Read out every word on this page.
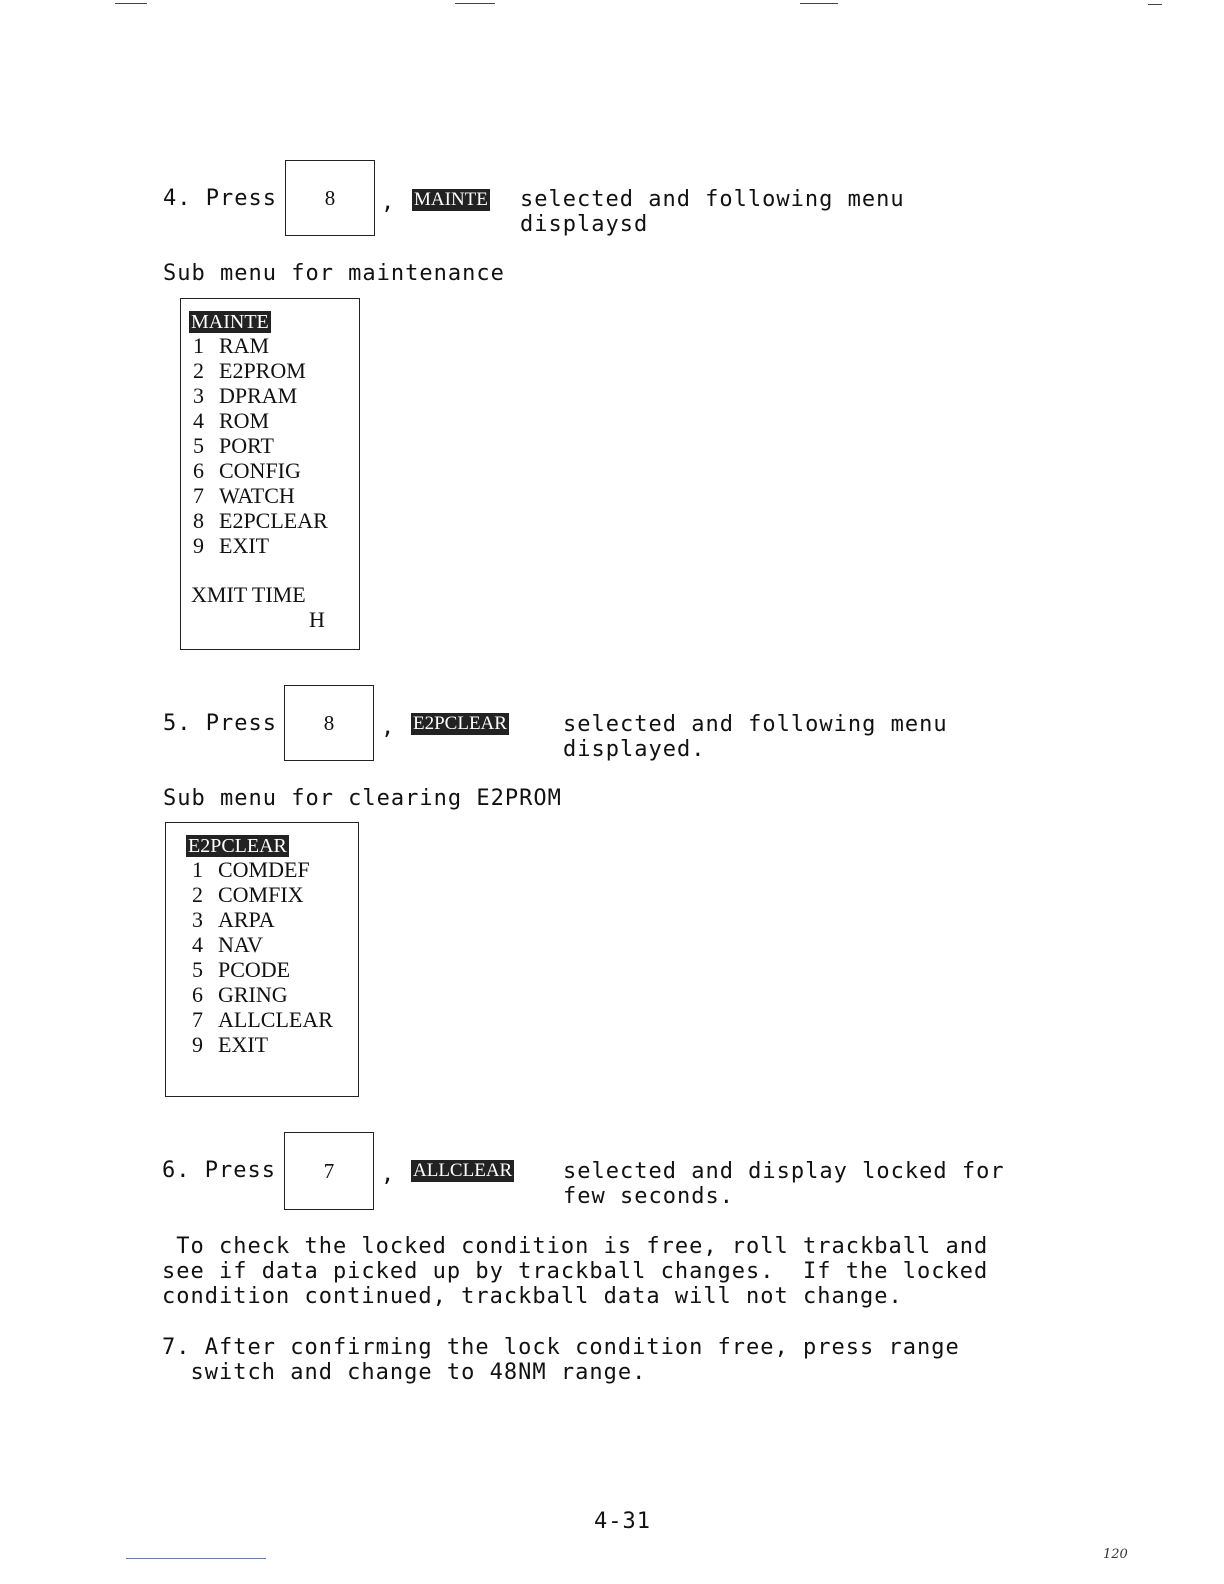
4. Press	8	, MAINTE selected and following menu
displaysd
Sub menu for maintenance
MAINTE
1 RAM
2 E2PROM
3 DPRAM
4 ROM
5 PORT
6 CONFIG
7 WATCH
8 E2PCLEAR
9 EXIT
XMIT TIME
H
5. Press	8	, E2PCLEAR	selected and following menu
displayed.
Sub menu for clearing E2PROM
E2PCLEAR
1 COMDEF
2 COMFIX
3 ARPA
4 NAV
5 PCODE
6 GRING
7 ALLCLEAR
9 EXIT
6. Press	7	, ALLCLEAR selected and display locked for
few seconds.
To check the locked condition is free, roll trackball and
see if data picked up by trackball changes.  If the locked
condition continued, trackball data will not change.
7. After confirming the lock condition free, press range
switch and change to 48NM range.
4-31
120
